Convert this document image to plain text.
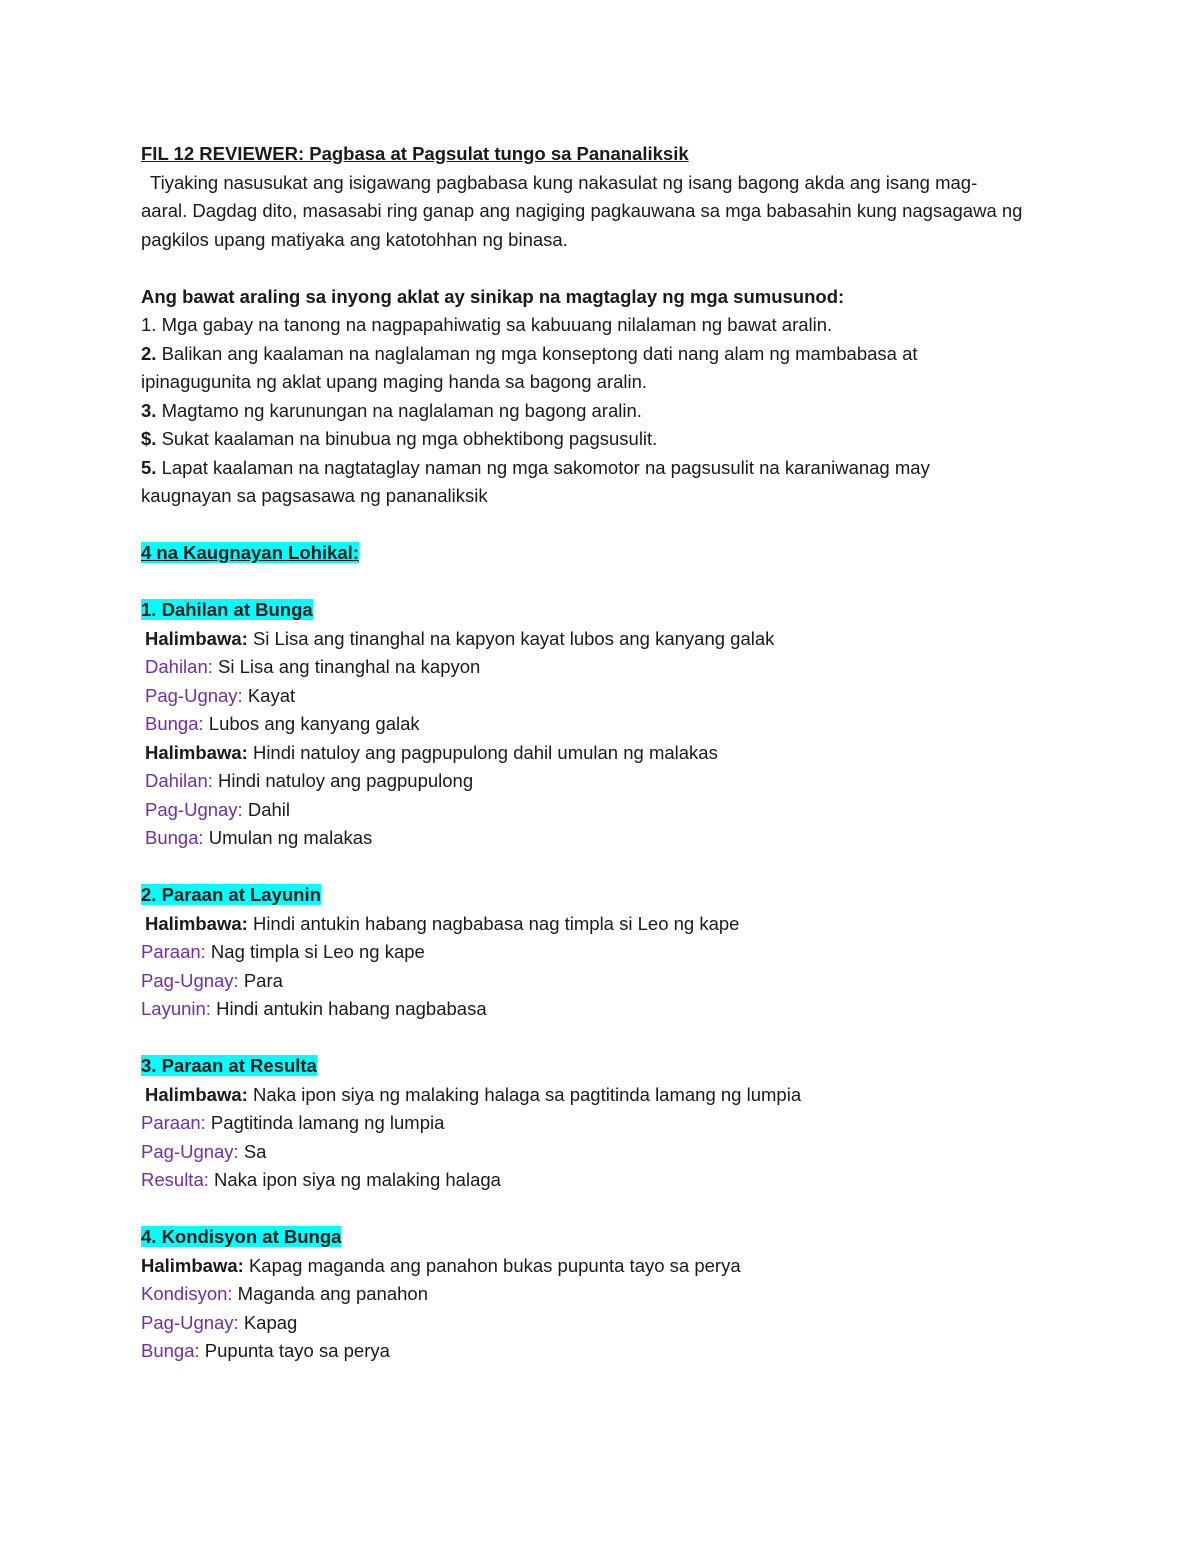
FIL 12 REVIEWER: Pagbasa at Pagsulat tungo sa Pananaliksik
Tiyaking nasusukat ang isigawang pagbabasa kung nakasulat ng isang bagong akda ang isang mag-
aaral. Dagdag dito, masasabi ring ganap ang nagiging pagkauwana sa mga babasahin kung nagsagawa ng
pagkilos upang matiyaka ang katotohhan ng binasa.
Ang bawat araling sa inyong aklat ay sinikap na magtaglay ng mga sumusunod:
1. Mga gabay na tanong na nagpapahiwatig sa kabuuang nilalaman ng bawat aralin.
2. Balikan ang kaalaman na naglalaman ng mga konseptong dati nang alam ng mambabasa at
ipinagugunita ng aklat upang maging handa sa bagong aralin.
3. Magtamo ng karunungan na naglalaman ng bagong aralin.
$. Sukat kaalaman na binubua ng mga obhektibong pagsusulit.
5. Lapat kaalaman na nagtataglay naman ng mga sakomotor na pagsusulit na karaniwanag may
kaugnayan sa pagsasawa ng pananaliksik
4 na Kaugnayan Lohikal:
1. Dahilan at Bunga
Halimbawa: Si Lisa ang tinanghal na kapyon kayat lubos ang kanyang galak
Dahilan: Si Lisa ang tinanghal na kapyon
Pag-Ugnay: Kayat
Bunga: Lubos ang kanyang galak
Halimbawa: Hindi natuloy ang pagpupulong dahil umulan ng malakas
Dahilan: Hindi natuloy ang pagpupulong
Pag-Ugnay: Dahil
Bunga: Umulan ng malakas
2. Paraan at Layunin
Halimbawa: Hindi antukin habang nagbabasa nag timpla si Leo ng kape
Paraan: Nag timpla si Leo ng kape
Pag-Ugnay: Para
Layunin: Hindi antukin habang nagbabasa
3. Paraan at Resulta
Halimbawa: Naka ipon siya ng malaking halaga sa pagtitinda lamang ng lumpia
Paraan: Pagtitinda lamang ng lumpia
Pag-Ugnay: Sa
Resulta: Naka ipon siya ng malaking halaga
4. Kondisyon at Bunga
Halimbawa: Kapag maganda ang panahon bukas pupunta tayo sa perya
Kondisyon: Maganda ang panahon
Pag-Ugnay: Kapag
Bunga: Pupunta tayo sa perya
